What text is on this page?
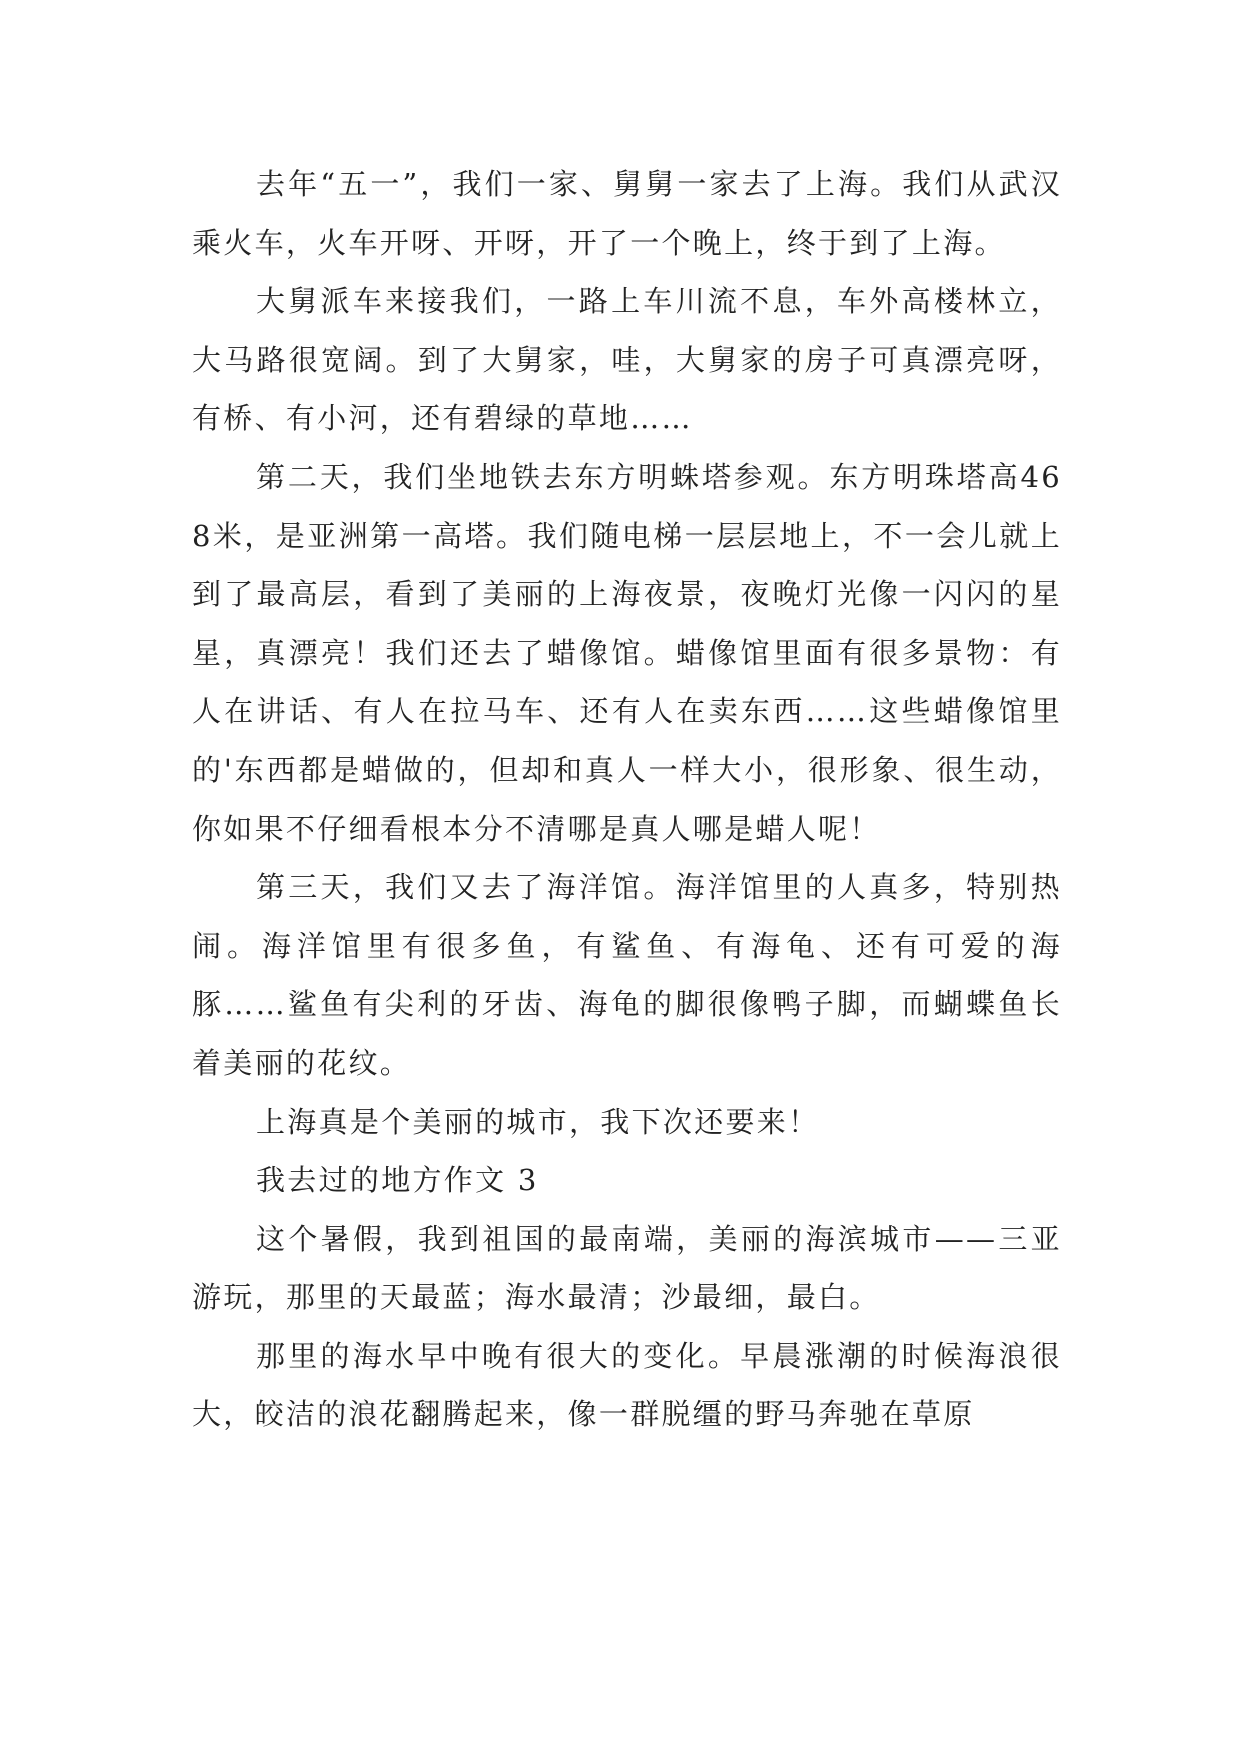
去年“五一”，我们一家、舅舅一家去了上海。我们从武汉乘火车，火车开呀、开呀，开了一个晚上，终于到了上海。

大舅派车来接我们，一路上车川流不息，车外高楼林立，大马路很宽阔。到了大舅家，哇，大舅家的房子可真漂亮呀，有桥、有小河，还有碧绿的草地……

第二天，我们坐地铁去东方明蛛塔参观。东方明珠塔高468米，是亚洲第一高塔。我们随电梯一层层地上，不一会儿就上到了最高层，看到了美丽的上海夜景，夜晚灯光像一闪闪的星星，真漂亮！我们还去了蜡像馆。蜡像馆里面有很多景物：有人在讲话、有人在拉马车、还有人在卖东西……这些蜡像馆里的'东西都是蜡做的，但却和真人一样大小，很形象、很生动，你如果不仔细看根本分不清哪是真人哪是蜡人呢！

第三天，我们又去了海洋馆。海洋馆里的人真多，特别热闹。海洋馆里有很多鱼，有鲨鱼、有海龟、还有可爱的海豚……鲨鱼有尖利的牙齿、海龟的脚很像鸭子脚，而蝴蝶鱼长着美丽的花纹。

上海真是个美丽的城市，我下次还要来！

我去过的地方作文 3

这个暑假，我到祖国的最南端，美丽的海滨城市——三亚游玩，那里的天最蓝；海水最清；沙最细，最白。

那里的海水早中晚有很大的变化。早晨涨潮的时候海浪很大，皎洁的浪花翻腾起来，像一群脱缰的野马奔驰在草原
